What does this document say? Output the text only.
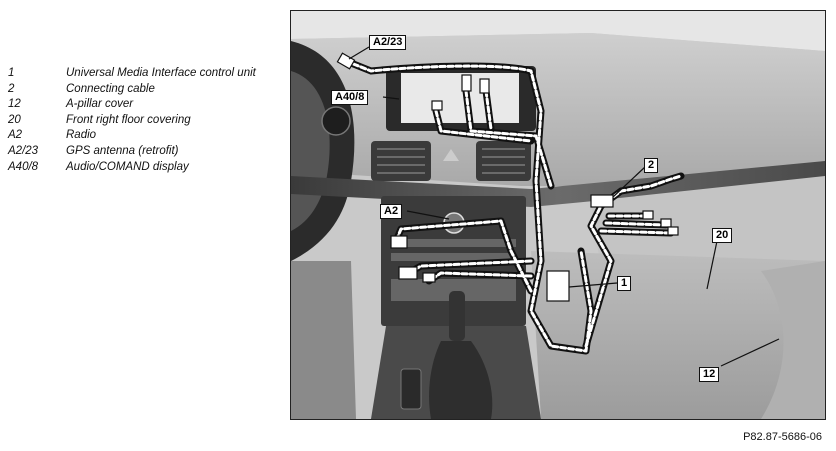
1	Universal Media Interface control unit
2	Connecting cable
12	A-pillar cover
20	Front right floor covering
A2	Radio
A2/23	GPS antenna (retrofit)
A40/8	Audio/COMAND display
A2/23
A40/8
A2
1
2
20
12
P82.87-5686-06
